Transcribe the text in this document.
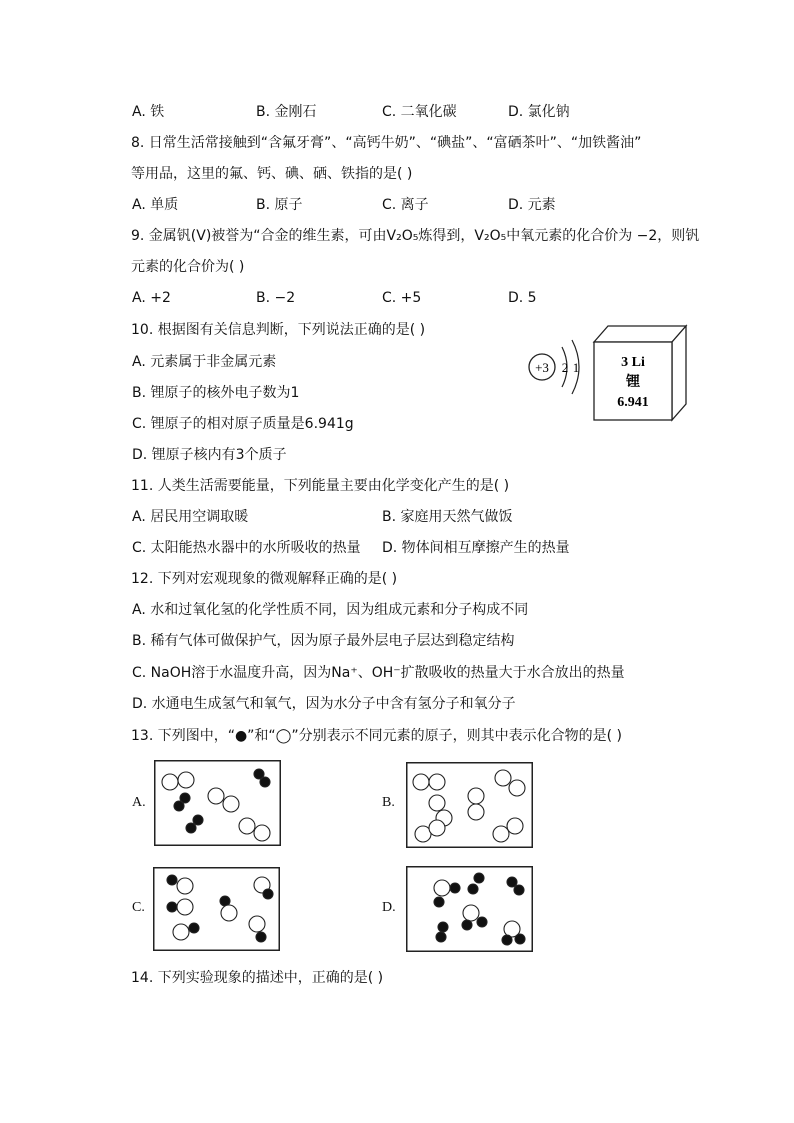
A. 铁	B. 金刚石	C. 二氧化碳	D. 氯化钠
8. 日常生活常接触到“含氟牙膏”、“高钙牛奶”、“碘盐”、“富硒茶叶”、“加铁酱油”
等用品，这里的氟、钙、碘、硒、铁指的是( )
A. 单质	B. 原子	C. 离子	D. 元素
9. 金属钒(V)被誉为“合金的维生素，可由V₂O₅炼得到，V₂O₅中氧元素的化合价为 −2，则钒
元素的化合价为( )
A. +2	B. −2	C. +5	D. 5
10. 根据图有关信息判断，下列说法正确的是( )
A. 元素属于非金属元素
B. 锂原子的核外电子数为1
C. 锂原子的相对原子质量是6.941g
D. 锂原子核内有3个质子
+3 2 1	3 Li
锂
6.941
11. 人类生活需要能量，下列能量主要由化学变化产生的是( )
A. 居民用空调取暖	B. 家庭用天然气做饭
C. 太阳能热水器中的水所吸收的热量 D. 物体间相互摩擦产生的热量
12. 下列对宏观现象的微观解释正确的是( )
A. 水和过氧化氢的化学性质不同，因为组成元素和分子构成不同
B. 稀有气体可做保护气，因为原子最外层电子层达到稳定结构
C. NaOH溶于水温度升高，因为Na⁺、OH⁻扩散吸收的热量大于水合放出的热量
D. 水通电生成氢气和氧气，因为水分子中含有氢分子和氧分子
13. 下列图中，“●”和“◯”分别表示不同元素的原子，则其中表示化合物的是( )
A.	B.
C.	D.
14. 下列实验现象的描述中，正确的是( )
